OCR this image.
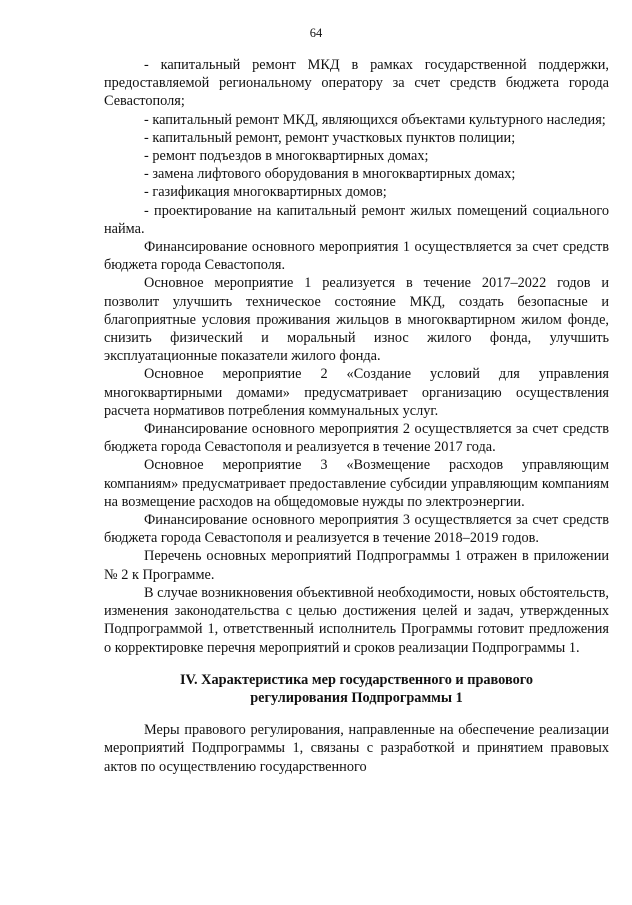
64

- капитальный ремонт МКД в рамках государственной поддержки, предоставляемой региональному оператору за счет средств бюджета города Севастополя;

- капитальный ремонт МКД, являющихся объектами культурного наследия;

- капитальный ремонт, ремонт участковых пунктов полиции;

- ремонт подъездов в многоквартирных домах;

- замена лифтового оборудования в многоквартирных домах;

- газификация многоквартирных домов;

- проектирование на капитальный ремонт жилых помещений социального найма.

Финансирование основного мероприятия 1 осуществляется за счет средств бюджета города Севастополя.

Основное мероприятие 1 реализуется в течение 2017–2022 годов и позволит улучшить техническое состояние МКД, создать безопасные и благоприятные условия проживания жильцов в многоквартирном жилом фонде, снизить физический и моральный износ жилого фонда, улучшить эксплуатационные показатели жилого фонда.

Основное мероприятие 2 «Создание условий для управления многоквартирными домами» предусматривает организацию осуществления расчета нормативов потребления коммунальных услуг.

Финансирование основного мероприятия 2 осуществляется за счет средств бюджета города Севастополя и реализуется в течение 2017 года.

Основное мероприятие 3 «Возмещение расходов управляющим компаниям» предусматривает предоставление субсидии управляющим компаниям на возмещение расходов на общедомовые нужды по электроэнергии.

Финансирование основного мероприятия 3 осуществляется за счет средств бюджета города Севастополя и реализуется в течение 2018–2019 годов.

Перечень основных мероприятий Подпрограммы 1 отражен в приложении № 2 к Программе.

В случае возникновения объективной необходимости, новых обстоятельств, изменения законодательства с целью достижения целей и задач, утвержденных Подпрограммой 1, ответственный исполнитель Программы готовит предложения о корректировке перечня мероприятий и сроков реализации Подпрограммы 1.

IV. Характеристика мер государственного и правового
регулирования Подпрограммы 1

Меры правового регулирования, направленные на обеспечение реализации мероприятий Подпрограммы 1, связаны с разработкой и принятием правовых актов по осуществлению государственного
